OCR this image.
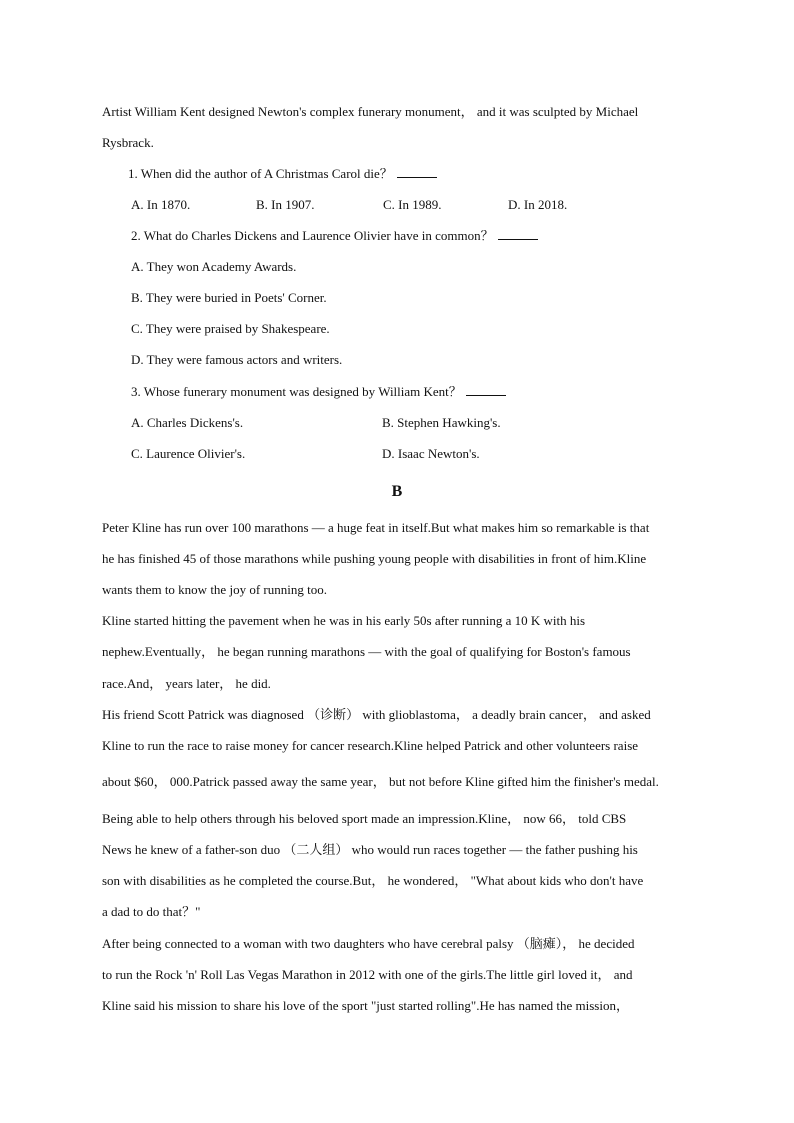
Artist William Kent designed Newton's complex funerary monument， and it was sculpted by Michael
Rysbrack.
1. When did the author of A Christmas Carol die？
A. In 1870.	B. In 1907.	C. In 1989.	D. In 2018.
2. What do Charles Dickens and Laurence Olivier have in common？
A. They won Academy Awards.
B. They were buried in Poets' Corner.
C. They were praised by Shakespeare.
D. They were famous actors and writers.
3. Whose funerary monument was designed by William Kent？
A. Charles Dickens's.	B. Stephen Hawking's.
C. Laurence Olivier's.	D. Isaac Newton's.
B
Peter Kline has run over 100 marathons — a huge feat in itself.But what makes him so remarkable is that
he has finished 45 of those marathons while pushing young people with disabilities in front of him.Kline
wants them to know the joy of running too.
Kline started hitting the pavement when he was in his early 50s after running a 10 K with his
nephew.Eventually， he began running marathons — with the goal of qualifying for Boston's famous
race.And， years later， he did.
His friend Scott Patrick was diagnosed （诊断） with glioblastoma， a deadly brain cancer， and asked
Kline to run the race to raise money for cancer research.Kline helped Patrick and other volunteers raise
about $60， 000.Patrick passed away the same year， but not before Kline gifted him the finisher's medal.
Being able to help others through his beloved sport made an impression.Kline， now 66， told CBS
News he knew of a father-son duo （二人组） who would run races together — the father pushing his
son with disabilities as he completed the course.But， he wondered， "What about kids who don't have
a dad to do that？"
After being connected to a woman with two daughters who have cerebral palsy （脑瘫）， he decided
to run the Rock 'n' Roll Las Vegas Marathon in 2012 with one of the girls.The little girl loved it， and
Kline said his mission to share his love of the sport "just started rolling".He has named the mission，
